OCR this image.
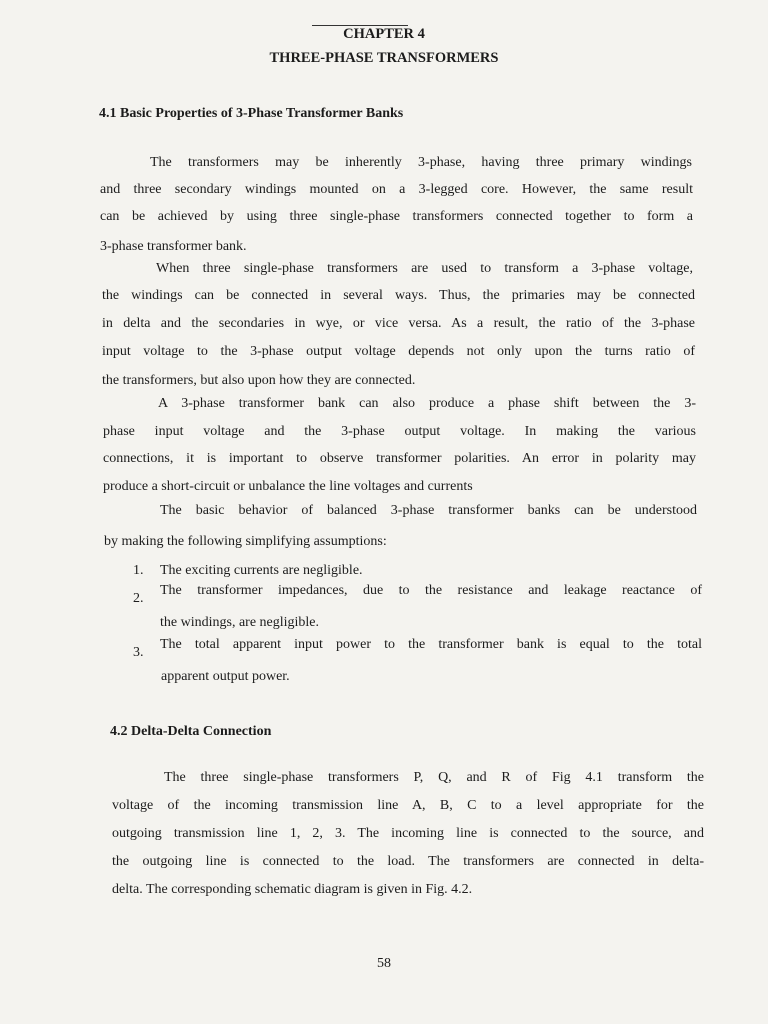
CHAPTER 4
THREE-PHASE TRANSFORMERS
4.1 Basic Properties of 3-Phase Transformer Banks
The transformers may be inherently 3-phase, having three primary windings
and three secondary windings mounted on a 3-legged core. However, the same result
can be achieved by using three single-phase transformers connected together to form a
3-phase transformer bank.
When three single-phase transformers are used to transform a 3-phase voltage,
the windings can be connected in several ways. Thus, the primaries may be connected
in delta and the secondaries in wye, or vice versa. As a result, the ratio of the 3-phase
input voltage to the 3-phase output voltage depends not only upon the turns ratio of
the transformers, but also upon how they are connected.
A 3-phase transformer bank can also produce a phase shift between the 3-
phase input voltage and the 3-phase output voltage. In making the various
connections, it is important to observe transformer polarities. An error in polarity may
produce a short-circuit or unbalance the line voltages and currents
The basic behavior of balanced 3-phase transformer banks can be understood
by making the following simplifying assumptions:
1. The exciting currents are negligible.
2.
The transformer impedances, due to the resistance and leakage reactance of
the windings, are negligible.
3.
The total apparent input power to the transformer bank is equal to the total
apparent output power.
4.2 Delta-Delta Connection
The three single-phase transformers P, Q, and R of Fig 4.1 transform the
voltage of the incoming transmission line A, B, C to a level appropriate for the
outgoing transmission line 1, 2, 3. The incoming line is connected to the source, and
the outgoing line is connected to the load. The transformers are connected in delta-
delta. The corresponding schematic diagram is given in Fig. 4.2.
58
